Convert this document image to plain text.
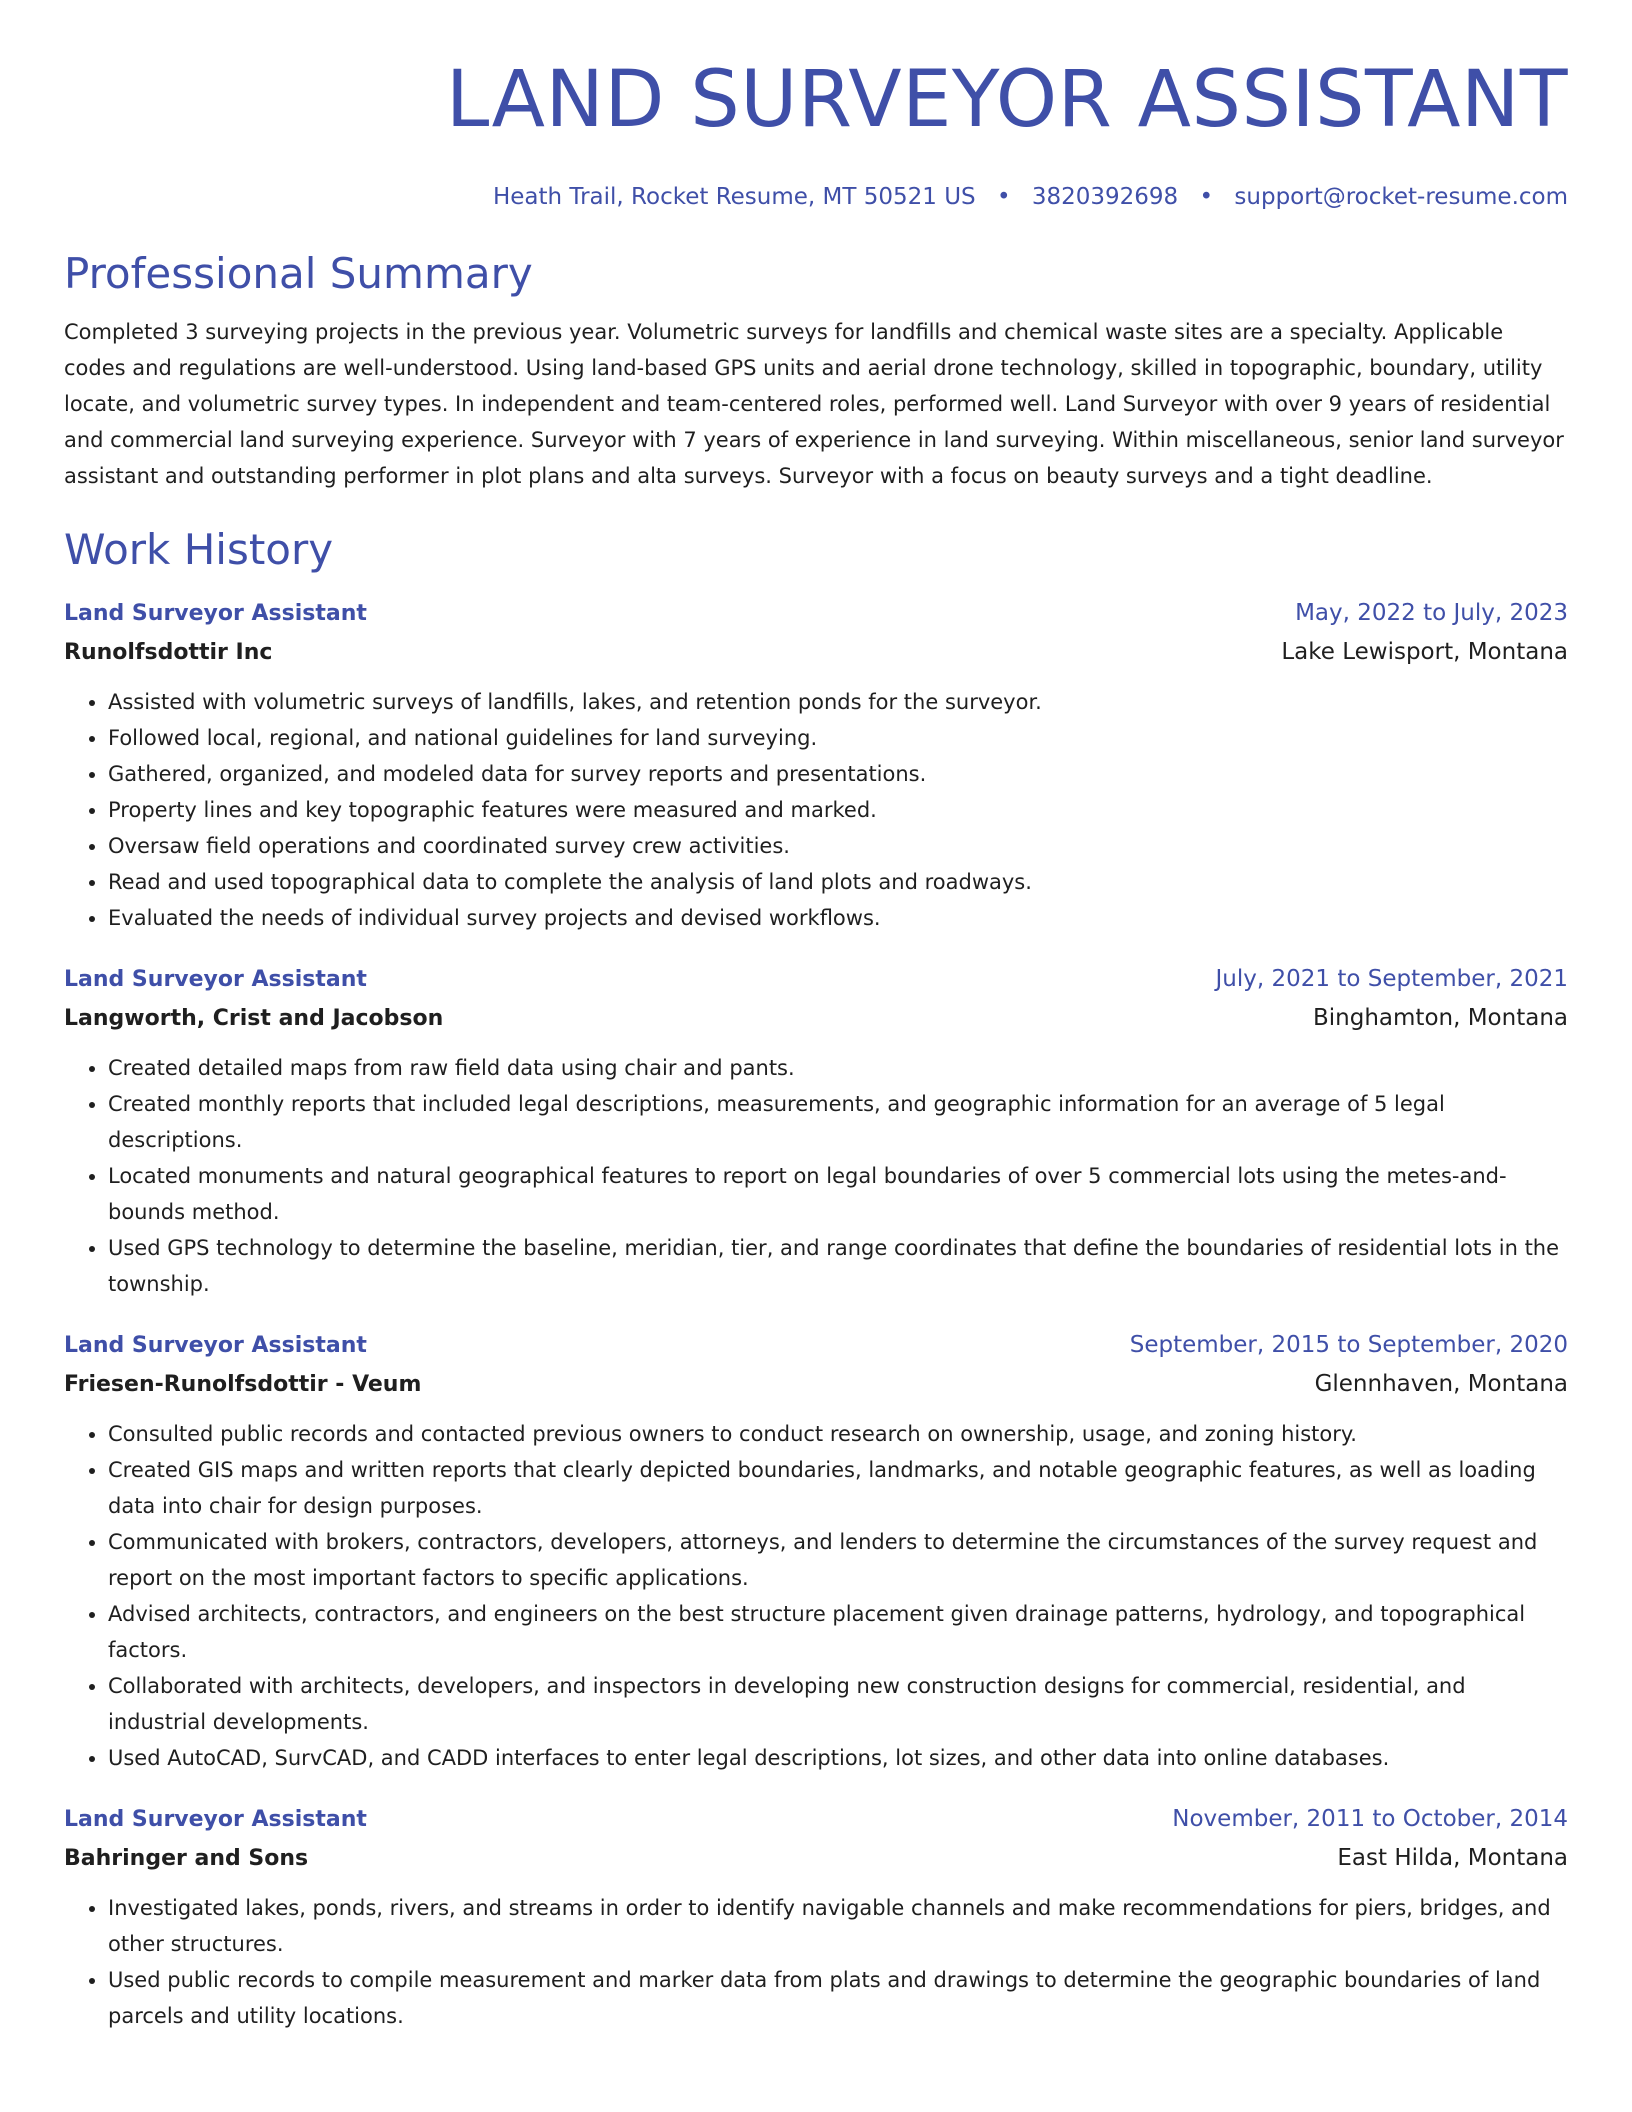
LAND SURVEYOR ASSISTANT
Heath Trail, Rocket Resume, MT 50521 US • 3820392698 • support@rocket-resume.com
Professional Summary

Completed 3 surveying projects in the previous year. Volumetric surveys for landfills and chemical waste sites are a specialty. Applicable codes and regulations are well-understood. Using land-based GPS units and aerial drone technology, skilled in topographic, boundary, utility locate, and volumetric survey types. In independent and team-centered roles, performed well. Land Surveyor with over 9 years of residential and commercial land surveying experience. Surveyor with 7 years of experience in land surveying. Within miscellaneous, senior land surveyor assistant and outstanding performer in plot plans and alta surveys. Surveyor with a focus on beauty surveys and a tight deadline.

Work History
Land Surveyor Assistant	May, 2022 to July, 2023
Runolfsdottir Inc	Lake Lewisport, Montana
• Assisted with volumetric surveys of landfills, lakes, and retention ponds for the surveyor.
• Followed local, regional, and national guidelines for land surveying.
• Gathered, organized, and modeled data for survey reports and presentations.
• Property lines and key topographic features were measured and marked.
• Oversaw field operations and coordinated survey crew activities.
• Read and used topographical data to complete the analysis of land plots and roadways.
• Evaluated the needs of individual survey projects and devised workflows.
Land Surveyor Assistant	July, 2021 to September, 2021
Langworth, Crist and Jacobson	Binghamton, Montana
• Created detailed maps from raw field data using chair and pants.
• Created monthly reports that included legal descriptions, measurements, and geographic information for an average of 5 legal descriptions.
• Located monuments and natural geographical features to report on legal boundaries of over 5 commercial lots using the metes-and-bounds method.
• Used GPS technology to determine the baseline, meridian, tier, and range coordinates that define the boundaries of residential lots in the township.
Land Surveyor Assistant	September, 2015 to September, 2020
Friesen-Runolfsdottir - Veum	Glennhaven, Montana
• Consulted public records and contacted previous owners to conduct research on ownership, usage, and zoning history.
• Created GIS maps and written reports that clearly depicted boundaries, landmarks, and notable geographic features, as well as loading data into chair for design purposes.
• Communicated with brokers, contractors, developers, attorneys, and lenders to determine the circumstances of the survey request and report on the most important factors to specific applications.
• Advised architects, contractors, and engineers on the best structure placement given drainage patterns, hydrology, and topographical factors.
• Collaborated with architects, developers, and inspectors in developing new construction designs for commercial, residential, and industrial developments.
• Used AutoCAD, SurvCAD, and CADD interfaces to enter legal descriptions, lot sizes, and other data into online databases.
Land Surveyor Assistant	November, 2011 to October, 2014
Bahringer and Sons	East Hilda, Montana
• Investigated lakes, ponds, rivers, and streams in order to identify navigable channels and make recommendations for piers, bridges, and other structures.
• Used public records to compile measurement and marker data from plats and drawings to determine the geographic boundaries of land parcels and utility locations.
